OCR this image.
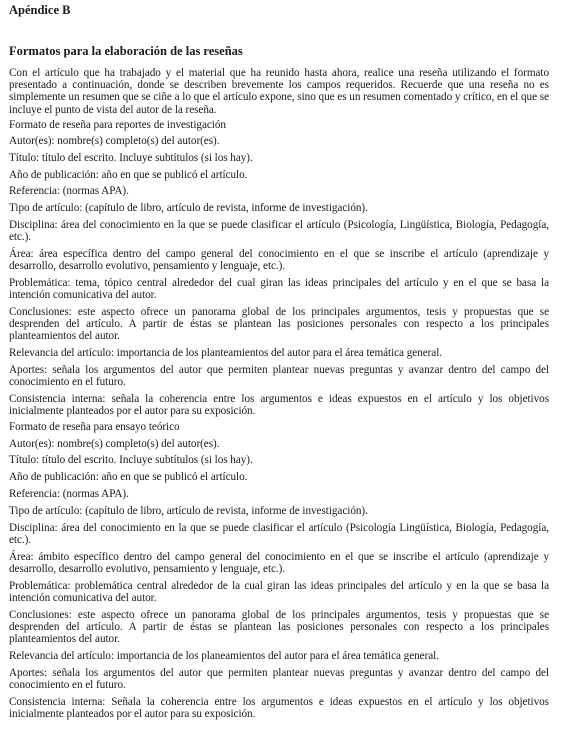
Apéndice B
Formatos para la elaboración de las reseñas

Con el artículo que ha trabajado y el material que ha reunido hasta ahora, realice una reseña utilizando el formato presentado a continuación, donde se describen brevemente los campos requeridos. Recuerde que una reseña no es simplemente un resumen que se ciñe a lo que el artículo expone, sino que es un resumen comentado y crítico, en el que se incluye el punto de vista del autor de la reseña.

Formato de reseña para reportes de investigación

Autor(es): nombre(s) completo(s) del autor(es).

Título: título del escrito. Incluye subtítulos (si los hay).

Año de publicación: año en que se publicó el artículo.

Referencia: (normas APA).

Tipo de artículo: (capítulo de libro, artículo de revista, informe de investigación).

Disciplina: área del conocimiento en la que se puede clasificar el artículo (Psicología, Lingüística, Biología, Pedagogía, etc.).

Área: área específica dentro del campo general del conocimiento en el que se inscribe el artículo (aprendizaje y desarrollo, desarrollo evolutivo, pensamiento y lenguaje, etc.).

Problemática: tema, tópico central alrededor del cual giran las ideas principales del artículo y en el que se basa la intención comunicativa del autor.

Conclusiones: este aspecto ofrece un panorama global de los principales argumentos, tesis y propuestas que se desprenden del artículo. A partir de éstas se plantean las posiciones personales con respecto a los principales planteamientos del autor.

Relevancia del artículo: importancia de los planteamientos del autor para el área temática general.

Aportes: señala los argumentos del autor que permiten plantear nuevas preguntas y avanzar dentro del campo del conocimiento en el futuro.

Consistencia interna: señala la coherencia entre los argumentos e ideas expuestos en el artículo y los objetivos inicialmente planteados por el autor para su exposición.

Formato de reseña para ensayo teórico

Autor(es): nombre(s) completo(s) del autor(es).

Título: título del escrito. Incluye subtítulos (si los hay).

Año de publicación: año en que se publicó el artículo.

Referencia: (normas APA).

Tipo de artículo: (capítulo de libro, artículo de revista, informe de investigación).

Disciplina: área del conocimiento en la que se puede clasificar el artículo (Psicología Lingüística, Biología, Pedagogía, etc.).

Área: ámbito específico dentro del campo general del conocimiento en el que se inscribe el artículo (aprendizaje y desarrollo, desarrollo evolutivo, pensamiento y lenguaje, etc.).

Problemática: problemática central alrededor de la cual giran las ideas principales del artículo y en la que se basa la intención comunicativa del autor.

Conclusiones: este aspecto ofrece un panorama global de los principales argumentos, tesis y propuestas que se desprenden del artículo. A partir de éstas se plantean las posiciones personales con respecto a los principales planteamientos del autor.

Relevancia del artículo: importancia de los planeamientos del autor para el área temática general.

Aportes: señala los argumentos del autor que permiten plantear nuevas preguntas y avanzar dentro del campo del conocimiento en el futuro.

Consistencia interna: Señala la coherencia entre los argumentos e ideas expuestos en el artículo y los objetivos inicialmente planteados por el autor para su exposición.
